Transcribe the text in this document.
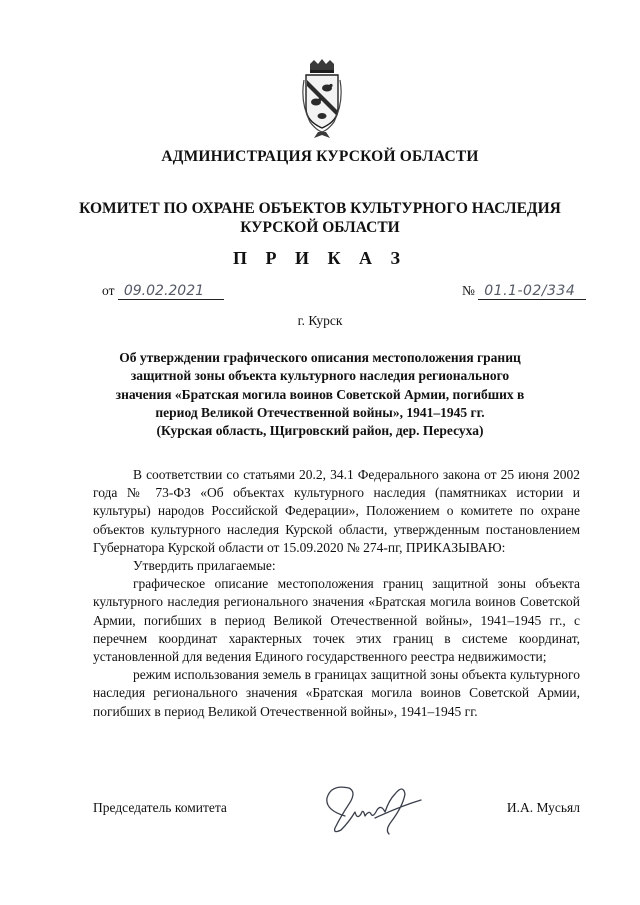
АДМИНИСТРАЦИЯ КУРСКОЙ ОБЛАСТИ
КОМИТЕТ ПО ОХРАНЕ ОБЪЕКТОВ КУЛЬТУРНОГО НАСЛЕДИЯ
КУРСКОЙ ОБЛАСТИ
П Р И К А З
от 09.02.2021	№ 01.1-02/334
г. Курск
Об утверждении графического описания местоположения границ
защитной зоны объекта культурного наследия регионального
значения «Братская могила воинов Советской Армии, погибших в
период Великой Отечественной войны», 1941–1945 гг.
(Курская область, Щигровский район, дер. Пересуха)

В соответствии со статьями 20.2, 34.1 Федерального закона от 25 июня 2002 года № 73-ФЗ «Об объектах культурного наследия (памятниках истории и культуры) народов Российской Федерации», Положением о комитете по охране объектов культурного наследия Курской области, утвержденным постановлением Губернатора Курской области от 15.09.2020 № 274-пг, ПРИКАЗЫВАЮ:

Утвердить прилагаемые:

графическое описание местоположения границ защитной зоны объекта культурного наследия регионального значения «Братская могила воинов Советской Армии, погибших в период Великой Отечественной войны», 1941–1945 гг., с перечнем координат характерных точек этих границ в системе координат, установленной для ведения Единого государственного реестра недвижимости;

режим использования земель в границах защитной зоны объекта культурного наследия регионального значения «Братская могила воинов Советской Армии, погибших в период Великой Отечественной войны», 1941–1945 гг.

Председатель комитета	И.А. Мусьял
